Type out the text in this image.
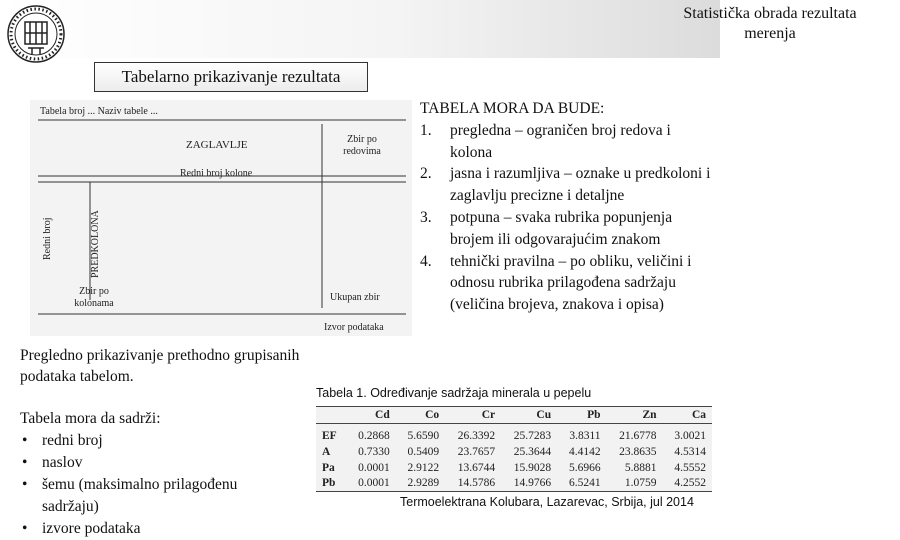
Statistička obrada rezultata
merenja
Tabelarno prikazivanje rezultata
Tabela broj ... Naziv tabele ...
ZAGLAVLJE	Zbir po
redovima
Redni broj kolone
Redni broj	PREDKOLONA
Zbir po
kolonama
Ukupan zbir
Izvor podataka

TABELA MORA DA BUDE:

1. pregledna – ograničen broj redova i kolona
2. jasna i razumljiva – oznake u predkoloni i zaglavlju precizne i detaljne
3. potpuna – svaka rubrika popunjenja brojem ili odgovarajućim znakom
4. tehnički pravilna – po obliku, veličini i odnosu rubrika prilagođena sadržaju (veličina brojeva, znakova i opisa)
Pregledno prikazivanje prethodno grupisanih podataka tabelom.
Tabela mora da sadrži:
• redni broj
• naslov
• šemu (maksimalno prilagođenu sadržaju)
• izvore podataka
Tabela 1. Određivanje sadržaja minerala u pepelu
	Cd	Co	Cr	Cu	Pb	Zn	Ca
EF	0.2868	5.6590	26.3392	25.7283	3.8311	21.6778	3.0021
A	0.7330	0.5409	23.7657	25.3644	4.4142	23.8635	4.5314
Pa	0.0001	2.9122	13.6744	15.9028	5.6966	5.8881	4.5552
Pb	0.0001	2.9289	14.5786	14.9766	6.5241	1.0759	4.2552
Termoelektrana Kolubara, Lazarevac, Srbija, jul 2014
